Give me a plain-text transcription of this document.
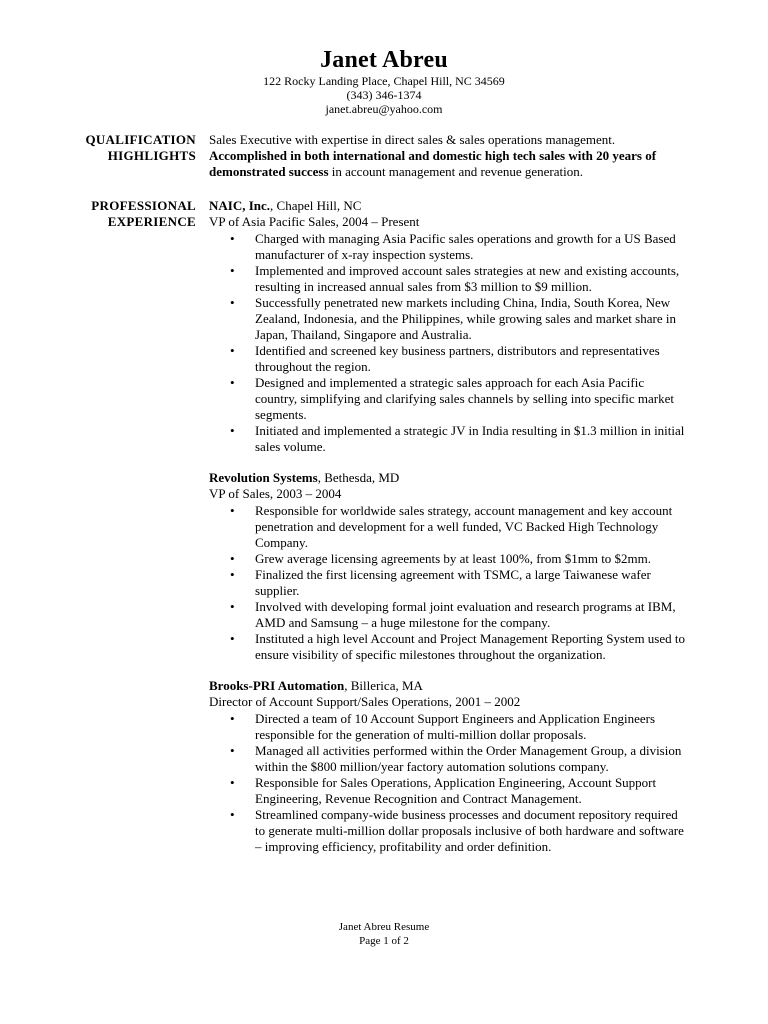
Janet Abreu
122 Rocky Landing Place, Chapel Hill, NC 34569
(343) 346-1374
janet.abreu@yahoo.com
QUALIFICATION
HIGHLIGHTS
Sales Executive with expertise in direct sales & sales operations management.
Accomplished in both international and domestic high tech sales with 20 years of demonstrated success in account management and revenue generation.
PROFESSIONAL
EXPERIENCE
NAIC, Inc., Chapel Hill, NC
VP of Asia Pacific Sales, 2004 – Present
• Charged with managing Asia Pacific sales operations and growth for a US Based manufacturer of x-ray inspection systems.
• Implemented and improved account sales strategies at new and existing accounts, resulting in increased annual sales from $3 million to $9 million.
• Successfully penetrated new markets including China, India, South Korea, New Zealand, Indonesia, and the Philippines, while growing sales and market share in Japan, Thailand, Singapore and Australia.
• Identified and screened key business partners, distributors and representatives throughout the region.
• Designed and implemented a strategic sales approach for each Asia Pacific country, simplifying and clarifying sales channels by selling into specific market segments.
• Initiated and implemented a strategic JV in India resulting in $1.3 million in initial sales volume.
Revolution Systems, Bethesda, MD
VP of Sales, 2003 – 2004
• Responsible for worldwide sales strategy, account management and key account penetration and development for a well funded, VC Backed High Technology Company.
• Grew average licensing agreements by at least 100%, from $1mm to $2mm.
• Finalized the first licensing agreement with TSMC, a large Taiwanese wafer supplier.
• Involved with developing formal joint evaluation and research programs at IBM, AMD and Samsung – a huge milestone for the company.
• Instituted a high level Account and Project Management Reporting System used to ensure visibility of specific milestones throughout the organization.
Brooks-PRI Automation, Billerica, MA
Director of Account Support/Sales Operations, 2001 – 2002
• Directed a team of 10 Account Support Engineers and Application Engineers responsible for the generation of multi-million dollar proposals.
• Managed all activities performed within the Order Management Group, a division within the $800 million/year factory automation solutions company.
• Responsible for Sales Operations, Application Engineering, Account Support Engineering, Revenue Recognition and Contract Management.
• Streamlined company-wide business processes and document repository required to generate multi-million dollar proposals inclusive of both hardware and software – improving efficiency, profitability and order definition.
Janet Abreu Resume
Page 1 of 2
